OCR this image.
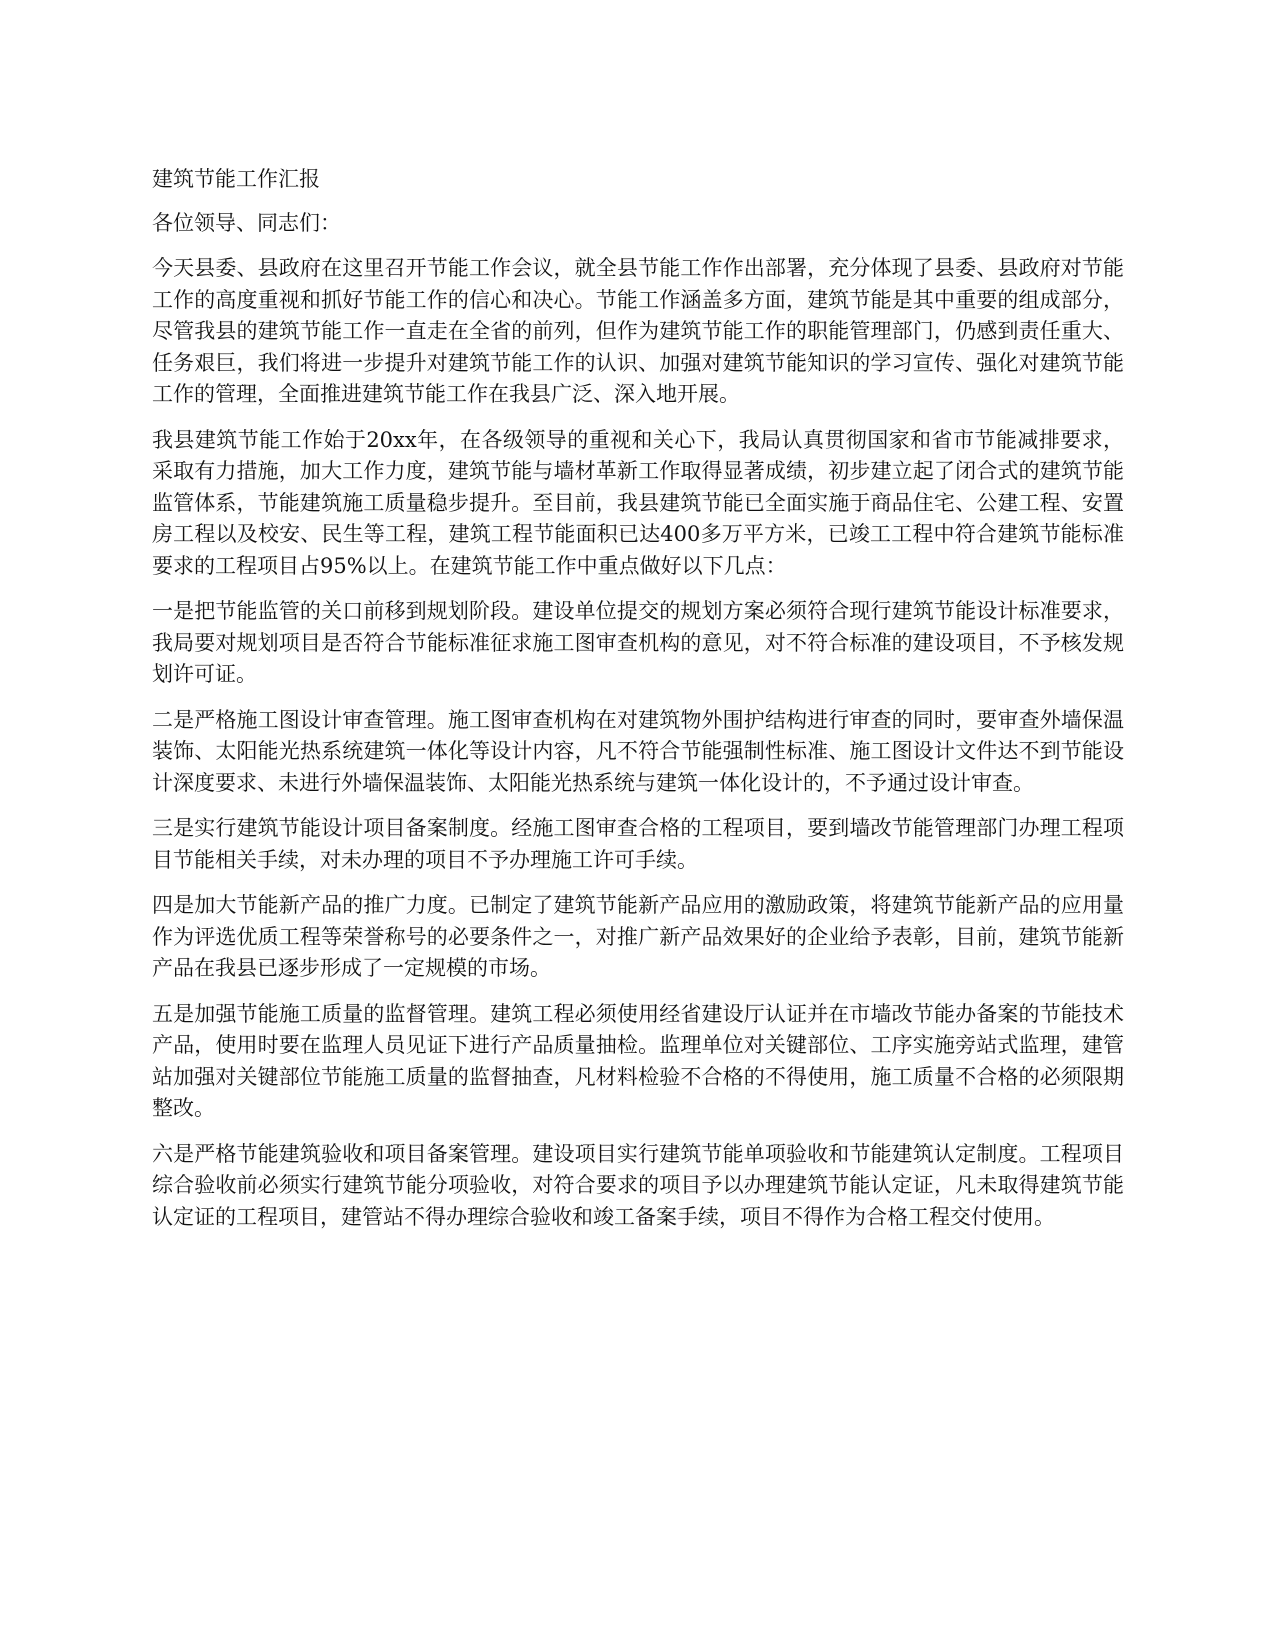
建筑节能工作汇报

各位领导、同志们：

今天县委、县政府在这里召开节能工作会议，就全县节能工作作出部署，充分体现了县委、县政府对节能工作的高度重视和抓好节能工作的信心和决心。节能工作涵盖多方面，建筑节能是其中重要的组成部分，尽管我县的建筑节能工作一直走在全省的前列，但作为建筑节能工作的职能管理部门，仍感到责任重大、任务艰巨，我们将进一步提升对建筑节能工作的认识、加强对建筑节能知识的学习宣传、强化对建筑节能工作的管理，全面推进建筑节能工作在我县广泛、深入地开展。

我县建筑节能工作始于20xx年，在各级领导的重视和关心下，我局认真贯彻国家和省市节能减排要求，采取有力措施，加大工作力度，建筑节能与墙材革新工作取得显著成绩，初步建立起了闭合式的建筑节能监管体系，节能建筑施工质量稳步提升。至目前，我县建筑节能已全面实施于商品住宅、公建工程、安置房工程以及校安、民生等工程，建筑工程节能面积已达400多万平方米，已竣工工程中符合建筑节能标准要求的工程项目占95%以上。在建筑节能工作中重点做好以下几点：

一是把节能监管的关口前移到规划阶段。建设单位提交的规划方案必须符合现行建筑节能设计标准要求，我局要对规划项目是否符合节能标准征求施工图审查机构的意见，对不符合标准的建设项目，不予核发规划许可证。

二是严格施工图设计审查管理。施工图审查机构在对建筑物外围护结构进行审查的同时，要审查外墙保温装饰、太阳能光热系统建筑一体化等设计内容，凡不符合节能强制性标准、施工图设计文件达不到节能设计深度要求、未进行外墙保温装饰、太阳能光热系统与建筑一体化设计的，不予通过设计审查。

三是实行建筑节能设计项目备案制度。经施工图审查合格的工程项目，要到墙改节能管理部门办理工程项目节能相关手续，对未办理的项目不予办理施工许可手续。

四是加大节能新产品的推广力度。已制定了建筑节能新产品应用的激励政策，将建筑节能新产品的应用量作为评选优质工程等荣誉称号的必要条件之一，对推广新产品效果好的企业给予表彰，目前，建筑节能新产品在我县已逐步形成了一定规模的市场。

五是加强节能施工质量的监督管理。建筑工程必须使用经省建设厅认证并在市墙改节能办备案的节能技术产品，使用时要在监理人员见证下进行产品质量抽检。监理单位对关键部位、工序实施旁站式监理，建管站加强对关键部位节能施工质量的监督抽查，凡材料检验不合格的不得使用，施工质量不合格的必须限期整改。

六是严格节能建筑验收和项目备案管理。建设项目实行建筑节能单项验收和节能建筑认定制度。工程项目综合验收前必须实行建筑节能分项验收，对符合要求的项目予以办理建筑节能认定证，凡未取得建筑节能认定证的工程项目，建管站不得办理综合验收和竣工备案手续，项目不得作为合格工程交付使用。
